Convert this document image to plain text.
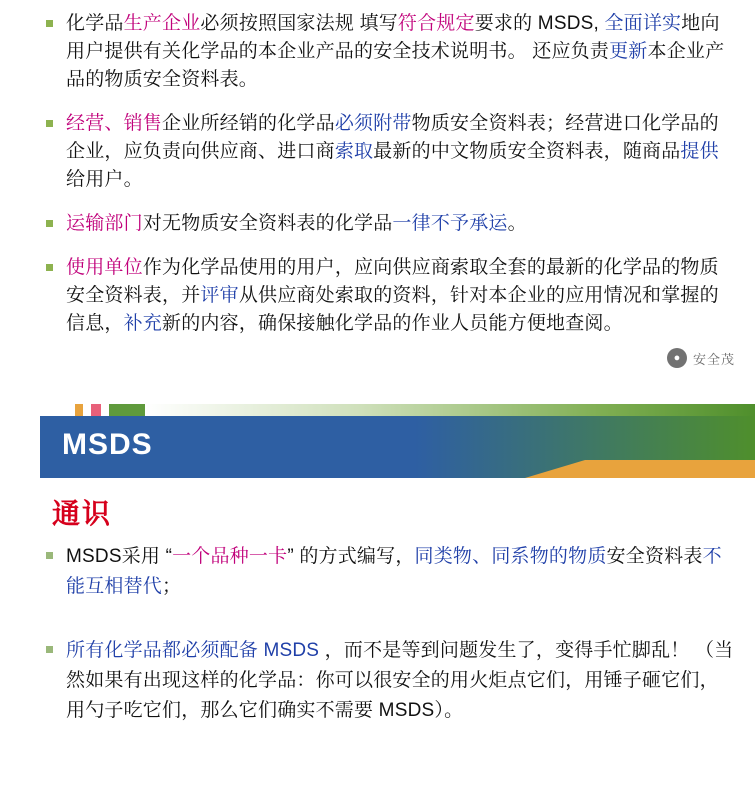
化学品生产企业必须按照国家法规 填写符合规定要求的 MSDS, 全面详实地向用户提供有关化学品的本企业产品的安全技术说明书。 还应负责更新本企业产品的物质安全资料表。
经营、销售企业所经销的化学品必须附带物质安全资料表；经营进口化学品的企业，应负责向供应商、进口商索取最新的中文物质安全资料表，随商品提供给用户。
运输部门对无物质安全资料表的化学品一律不予承运。
使用单位作为化学品使用的用户，应向供应商索取全套的最新的化学品的物质安全资料表，并评审从供应商处索取的资料，针对本企业的应用情况和掌握的信息，补充新的内容，确保接触化学品的作业人员能方便地查阅。
● 安全茂
MSDS
通识
MSDS采用 “一个品种一卡” 的方式编写，同类物、同系物的物质安全资料表不能互相替代；
所有化学品都必须配备 MSDS ，而不是等到问题发生了，变得手忙脚乱！ （当然如果有出现这样的化学品：你可以很安全的用火炬点它们，用锤子砸它们，用勺子吃它们，那么它们确实不需要 MSDS）。
